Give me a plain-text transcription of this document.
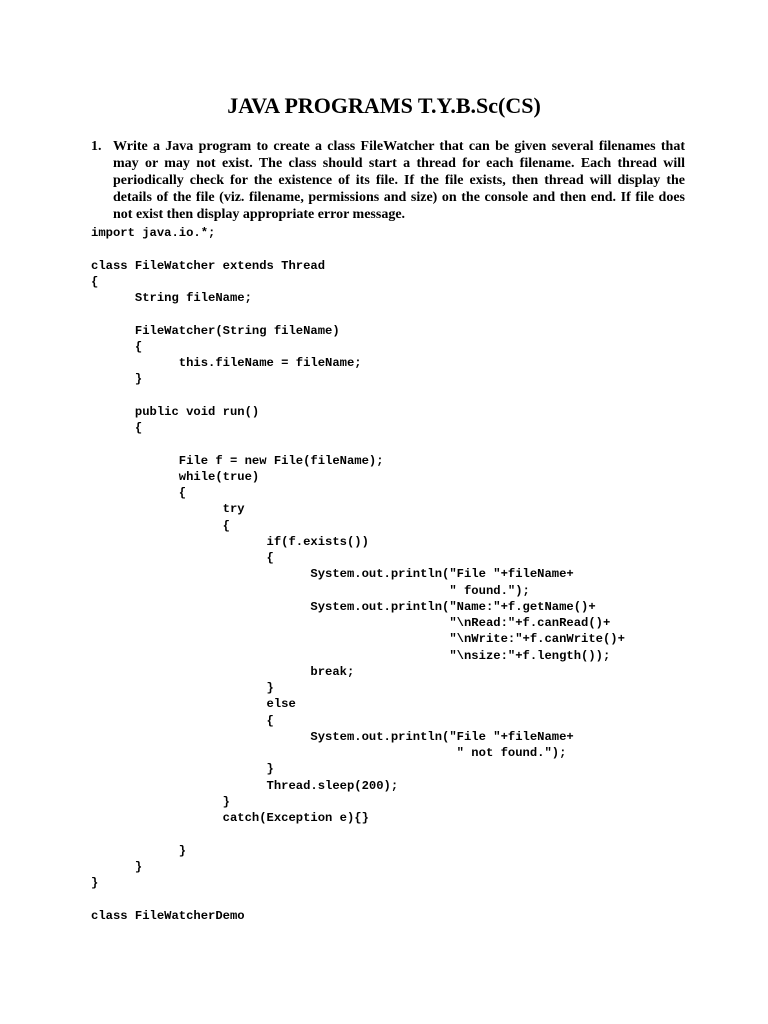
JAVA PROGRAMS T.Y.B.Sc(CS)
1. Write a Java program to create a class FileWatcher that can be given several filenames that may or may not exist. The class should start a thread for each filename. Each thread will periodically check for the existence of its file. If the file exists, then thread will display the details of the file (viz. filename, permissions and size) on the console and then end. If file does not exist then display appropriate error message.
import java.io.*;

class FileWatcher extends Thread
{
String fileName;

FileWatcher(String fileName)
{
this.fileName = fileName;
}

public void run()
{

File f = new File(fileName);
while(true)
{
try
{
if(f.exists())
{
System.out.println("File "+fileName+
" found.");
System.out.println("Name:"+f.getName()+
"\nRead:"+f.canRead()+
"\nWrite:"+f.canWrite()+
"\nsize:"+f.length());
break;
}
else
{
System.out.println("File "+fileName+
" not found.");
}
Thread.sleep(200);
}
catch(Exception e){}

}
}
}

class FileWatcherDemo
